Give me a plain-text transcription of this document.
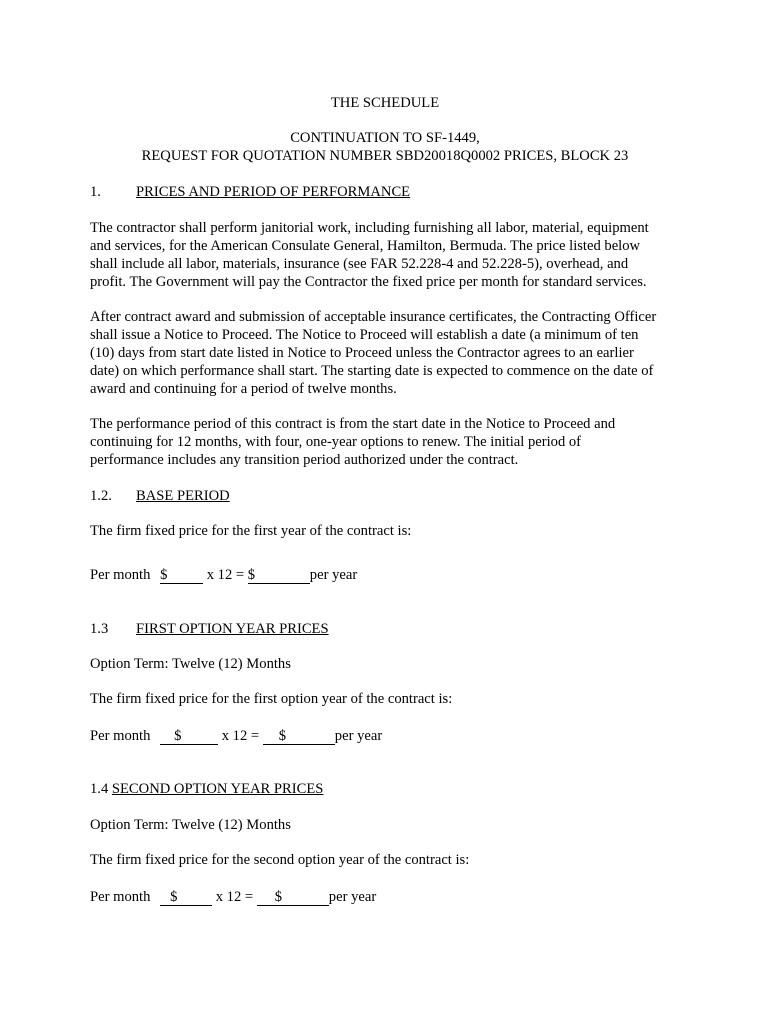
THE SCHEDULE
CONTINUATION TO SF-1449,
REQUEST FOR QUOTATION NUMBER SBD20018Q0002 PRICES, BLOCK 23
1. PRICES AND PERIOD OF PERFORMANCE
The contractor shall perform janitorial work, including furnishing all labor, material, equipment
and services, for the American Consulate General, Hamilton, Bermuda. The price listed below
shall include all labor, materials, insurance (see FAR 52.228-4 and 52.228-5), overhead, and
profit. The Government will pay the Contractor the fixed price per month for standard services.
After contract award and submission of acceptable insurance certificates, the Contracting Officer
shall issue a Notice to Proceed. The Notice to Proceed will establish a date (a minimum of ten
(10) days from start date listed in Notice to Proceed unless the Contractor agrees to an earlier
date) on which performance shall start. The starting date is expected to commence on the date of
award and continuing for a period of twelve months.
The performance period of this contract is from the start date in the Notice to Proceed and
continuing for 12 months, with four, one-year options to renew. The initial period of
performance includes any transition period authorized under the contract.
1.2. BASE PERIOD
The firm fixed price for the first year of the contract is:
Per month $	x 12 = $	per year
1.3 FIRST OPTION YEAR PRICES
Option Term: Twelve (12) Months
The firm fixed price for the first option year of the contract is:
Per month $	x 12 = $	per year
1.4 SECOND OPTION YEAR PRICES
Option Term: Twelve (12) Months
The firm fixed price for the second option year of the contract is:
Per month $	x 12 = $	per year
